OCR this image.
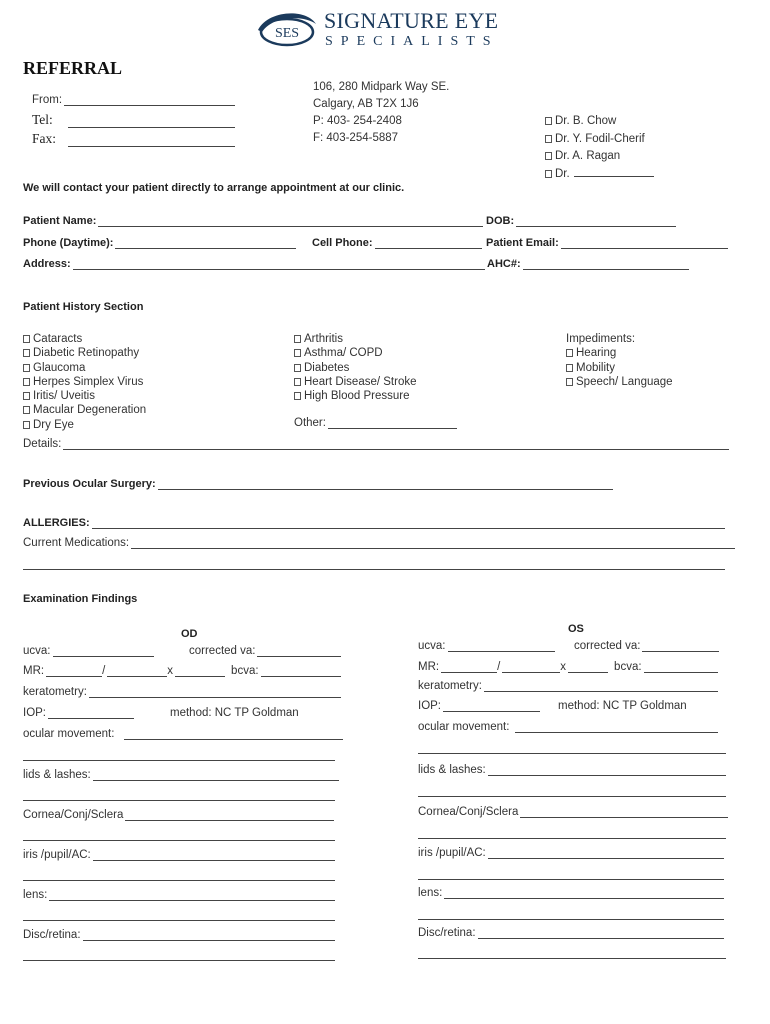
SES
SIGNATURE EYE
SPECIALISTS
REFERRAL
From:
Tel:
Fax:
106, 280 Midpark Way SE.
Calgary, AB T2X 1J6
P: 403- 254-2408
F: 403-254-5887
Dr. B. Chow
Dr. Y. Fodil-Cherif
Dr. A. Ragan
Dr.
We will contact your patient directly to arrange appointment at our clinic.
Patient Name:	DOB:
Phone (Daytime):	Cell Phone:	Patient Email:
Address:	AHC#:
Patient History Section
Cataracts
Diabetic Retinopathy
Glaucoma
Herpes Simplex Virus
Iritis/ Uveitis
Macular Degeneration
Dry Eye
Arthritis
Asthma/ COPD
Diabetes
Heart Disease/ Stroke
High Blood Pressure
Other:
Impediments:
Hearing
Mobility
Speech/ Language
Details:
Previous Ocular Surgery:
ALLERGIES:
Current Medications:
Examination Findings
OD
ucva:	corrected va:
MR:	/	x	bcva:
keratometry:
IOP:	method: NC TP Goldman
ocular movement:
lids & lashes:
Cornea/Conj/Sclera
iris /pupil/AC:
lens:
Disc/retina:
OS
ucva:	corrected va:
MR:	/	x	bcva:
keratometry:
IOP:	method: NC TP Goldman
ocular movement:
lids & lashes:
Cornea/Conj/Sclera
iris /pupil/AC:
lens:
Disc/retina:
